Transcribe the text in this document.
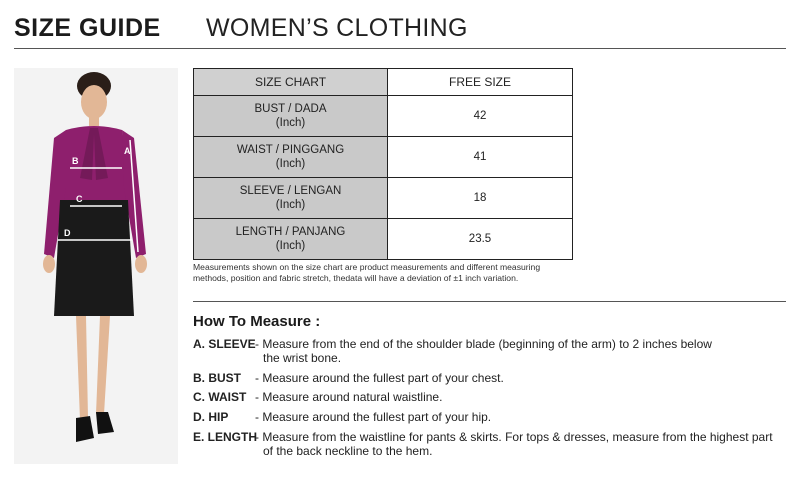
SIZE GUIDE WOMEN’S CLOTHING
A
B
C
D
SIZE CHART	FREE SIZE
BUST / DADA
(Inch)	42
WAIST / PINGGANG
(Inch)	41
SLEEVE / LENGAN
(Inch)	18
LENGTH / PANJANG
(Inch)	23.5
Measurements shown on the size chart are product measurements and different measuring
methods, position and fabric stretch, thedata will have a deviation of ±1 inch variation.
How To Measure :
A. SLEEVE - Measure from the end of the shoulder blade (beginning of the arm) to 2 inches below
the wrist bone.
B. BUST - Measure around the fullest part of your chest.
C. WAIST - Measure around natural waistline.
D. HIP - Measure around the fullest part of your hip.
E. LENGTH
- Measure from the waistline for pants & skirts. For tops & dresses, measure from the highest part
of the back neckline to the hem.
